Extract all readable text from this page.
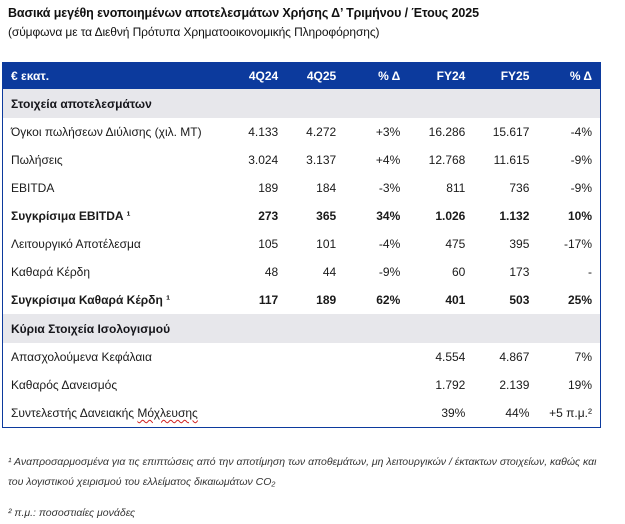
Βασικά μεγέθη ενοποιημένων αποτελεσμάτων Χρήσης Δ’ Τριμήνου / Έτους 2025
(σύμφωνα με τα Διεθνή Πρότυπα Χρηματοοικονομικής Πληροφόρησης)
€ εκατ.	4Q24	4Q25	% Δ	FY24	FY25	% Δ
Στοιχεία αποτελεσμάτων						
Όγκοι πωλήσεων Διύλισης (χιλ. ΜΤ)	4.133	4.272	+3%	16.286	15.617	-4%
Πωλήσεις	3.024	3.137	+4%	12.768	11.615	-9%
EBITDA	189	184	-3%	811	736	-9%
Συγκρίσιμα EBITDA ¹	273	365	34%	1.026	1.132	10%
Λειτουργικό Αποτέλεσμα	105	101	-4%	475	395	-17%
Καθαρά Κέρδη	48	44	-9%	60	173	-
Συγκρίσιμα Καθαρά Κέρδη ¹	117	189	62%	401	503	25%
Κύρια Στοιχεία Ισολογισμού						
Απασχολούμενα Κεφάλαια				4.554	4.867	7%
Καθαρός Δανεισμός				1.792	2.139	19%
Συντελεστής Δανειακής Μόχλευσης				39%	44%	+5 π.μ.²
¹ Αναπροσαρμοσμένα για τις επιπτώσεις από την αποτίμηση των αποθεμάτων, μη λειτουργικών / έκτακτων στοιχείων, καθώς και του λογιστικού χειρισμού του ελλείματος δικαιωμάτων CO₂
² π.μ.: ποσοστιαίες μονάδες
